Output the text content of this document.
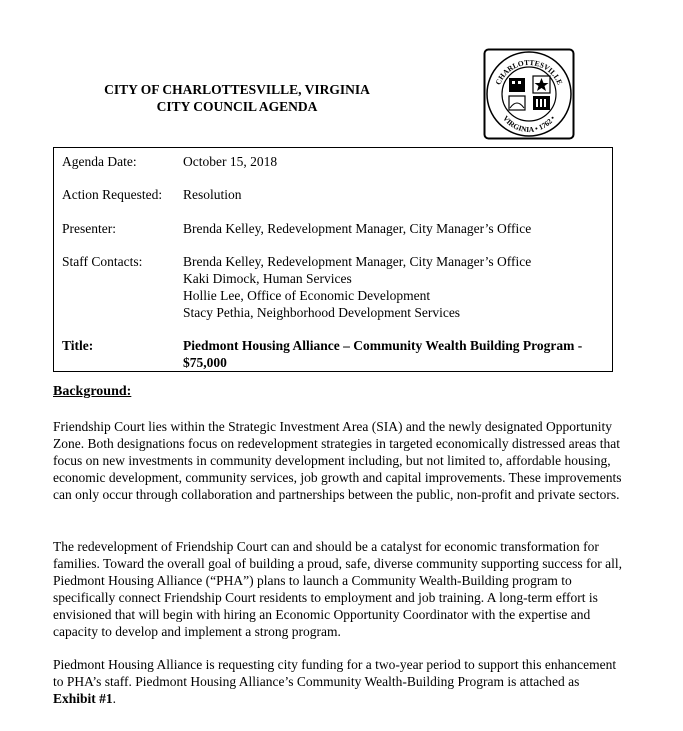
CITY OF CHARLOTTESVILLE, VIRGINIA
CITY COUNCIL AGENDA
CHARLOTTESVILLE
VIRGINIA • 1762 •
Agenda Date:	October 15, 2018
Action Requested: Resolution
Presenter:	Brenda Kelley, Redevelopment Manager, City Manager’s Office
Staff Contacts:	Brenda Kelley, Redevelopment Manager, City Manager’s Office
Kaki Dimock, Human Services
Hollie Lee, Office of Economic Development
Stacy Pethia, Neighborhood Development Services
Title:	Piedmont Housing Alliance – Community Wealth Building Program -
$75,000
Background:

Friendship Court lies within the Strategic Investment Area (SIA) and the newly designated Opportunity Zone. Both designations focus on redevelopment strategies in targeted economically distressed areas that focus on new investments in community development including, but not limited to, affordable housing, economic development, community services, job growth and capital improvements. These improvements can only occur through collaboration and partnerships between the public, non-profit and private sectors.

The redevelopment of Friendship Court can and should be a catalyst for economic transformation for families. Toward the overall goal of building a proud, safe, diverse community supporting success for all, Piedmont Housing Alliance (“PHA”) plans to launch a Community Wealth-Building program to specifically connect Friendship Court residents to employment and job training. A long-term effort is envisioned that will begin with hiring an Economic Opportunity Coordinator with the expertise and capacity to develop and implement a strong program.

Piedmont Housing Alliance is requesting city funding for a two-year period to support this enhancement to PHA’s staff. Piedmont Housing Alliance’s Community Wealth-Building Program is attached as Exhibit #1.
